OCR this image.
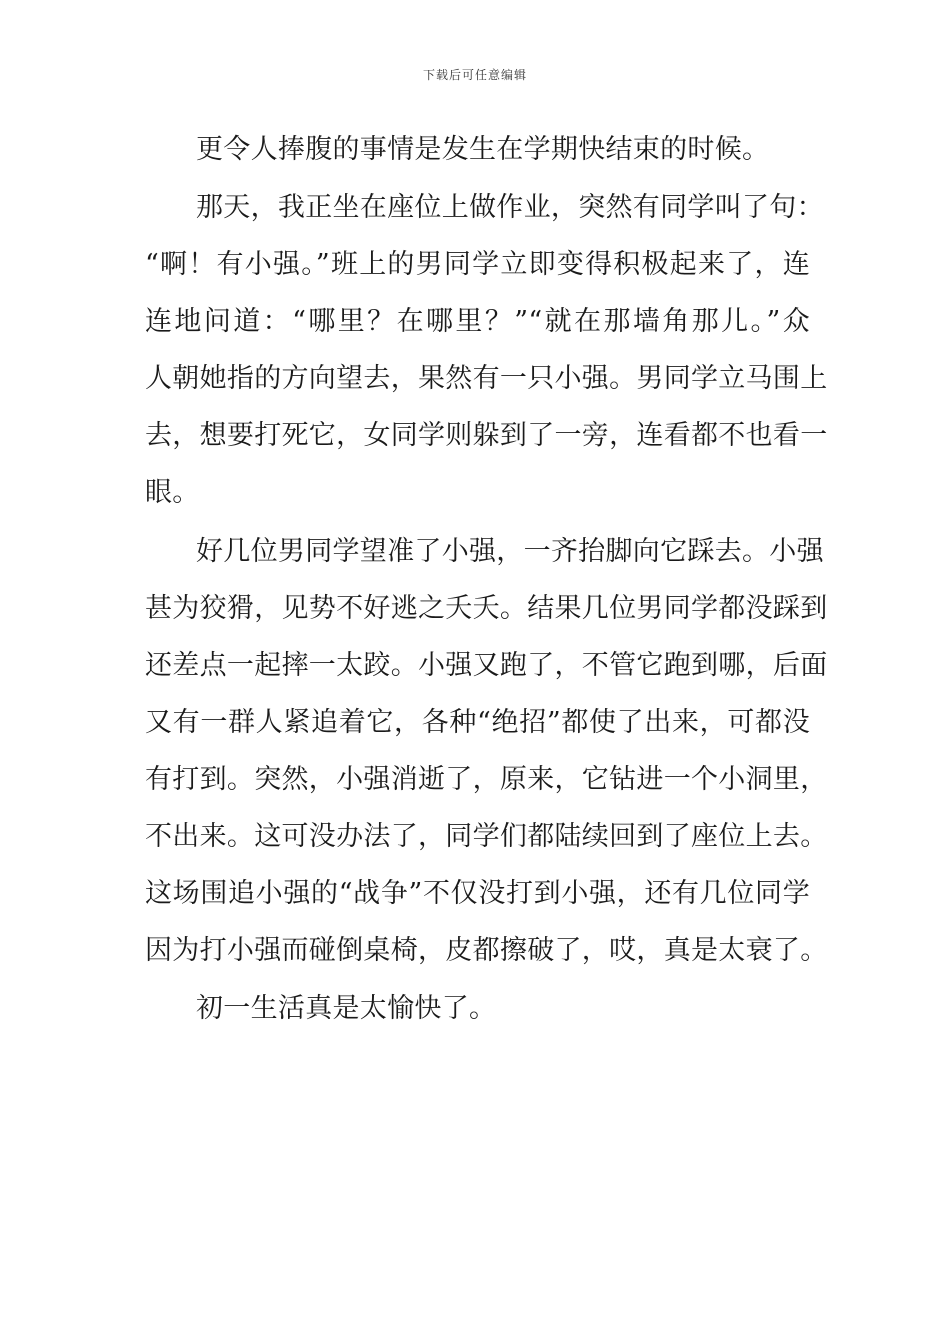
下载后可任意编辑
更令人捧腹的事情是发生在学期快结束的时候。
那天，我正坐在座位上做作业，突然有同学叫了句：
“啊！有小强。”班上的男同学立即变得积极起来了，连
连地问道：“哪里？在哪里？”“就在那墙角那儿。”众
人朝她指的方向望去，果然有一只小强。男同学立马围上
去，想要打死它，女同学则躲到了一旁，连看都不也看一
眼。
好几位男同学望准了小强，一齐抬脚向它踩去。小强
甚为狡猾，见势不好逃之夭夭。结果几位男同学都没踩到
还差点一起摔一太跤。小强又跑了，不管它跑到哪，后面
又有一群人紧追着它，各种“绝招”都使了出来，可都没
有打到。突然，小强消逝了，原来，它钻进一个小洞里，
不出来。这可没办法了，同学们都陆续回到了座位上去。
这场围追小强的“战争”不仅没打到小强，还有几位同学
因为打小强而碰倒桌椅，皮都擦破了，哎，真是太衰了。
初一生活真是太愉快了。
